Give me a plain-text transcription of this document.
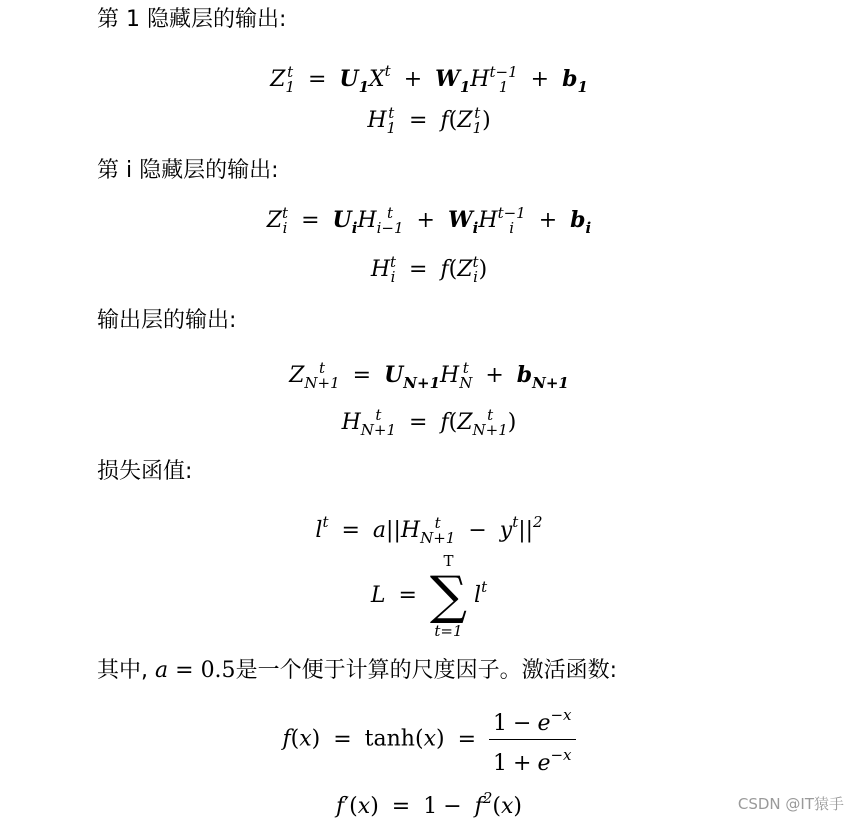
第 1 隐藏层的输出:
Z t
$1 = U_1X^t + W_1H$ t−1
1	+ $b_1$
H t
1 = f(Z t
1 )
第 i 隐藏层的输出:
Z t
$i = U_iH$ t
$i-1 + W_iH$ t−1
i	+ $b_i$
H t
i = f(Z t
i )
输出层的输出:
Z t
$N+1 = U_{N+1}H$ t
$N + b_{N+1}$
H t
N+1 = f(Z t
N+1 )
损失函值:
$l^t = a||H$ t
$N+1 - y^t||^2$
L =
T
∑
t=1
$l^t$
其中, a = 0.5是一个便于计算的尺度因子。激活函数:
$f(x) = \tanh(x) = \frac{1 - e^{-x}}{1 + e^{-x}}$
$f'(x) = 1 - f^2(x)$	CSDN @IT猿手
